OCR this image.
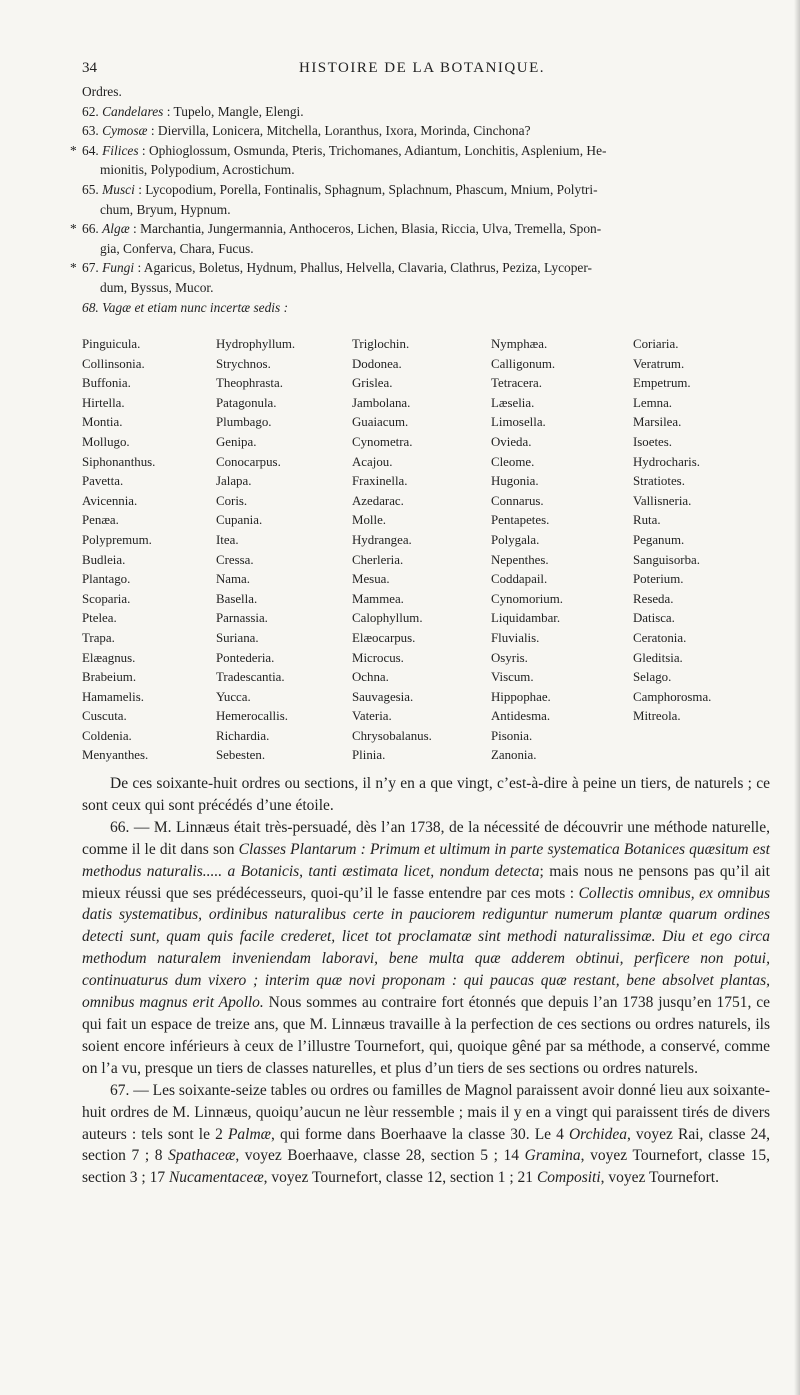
34	HISTOIRE DE LA BOTANIQUE.

Ordres.

62. Candelares : Tupelo, Mangle, Elengi.

63. Cymosæ : Diervilla, Lonicera, Mitchella, Loranthus, Ixora, Morinda, Cinchona?

* 64. Filices : Ophioglossum, Osmunda, Pteris, Trichomanes, Adiantum, Lonchitis, Asplenium, He-

mionitis, Polypodium, Acrostichum.

65. Musci : Lycopodium, Porella, Fontinalis, Sphagnum, Splachnum, Phascum, Mnium, Polytri-

chum, Bryum, Hypnum.

* 66. Algæ : Marchantia, Jungermannia, Anthoceros, Lichen, Blasia, Riccia, Ulva, Tremella, Spon-

gia, Conferva, Chara, Fucus.

* 67. Fungi : Agaricus, Boletus, Hydnum, Phallus, Helvella, Clavaria, Clathrus, Peziza, Lycoper-

dum, Byssus, Mucor.

68. Vagæ et etiam nunc incertæ sedis :

Pinguicula.	Hydrophyllum.	Triglochin.	Nymphæa.	Coriaria.
Collinsonia.	Strychnos.	Dodonea.	Calligonum.	Veratrum.
Buffonia.	Theophrasta.	Grislea.	Tetracera.	Empetrum.
Hirtella.	Patagonula.	Jambolana.	Læselia.	Lemna.
Montia.	Plumbago.	Guaiacum.	Limosella.	Marsilea.
Mollugo.	Genipa.	Cynometra.	Ovieda.	Isoetes.
Siphonanthus.	Conocarpus.	Acajou.	Cleome.	Hydrocharis.
Pavetta.	Jalapa.	Fraxinella.	Hugonia.	Stratiotes.
Avicennia.	Coris.	Azedarac.	Connarus.	Vallisneria.
Penæa.	Cupania.	Molle.	Pentapetes.	Ruta.
Polypremum.	Itea.	Hydrangea.	Polygala.	Peganum.
Budleia.	Cressa.	Cherleria.	Nepenthes.	Sanguisorba.
Plantago.	Nama.	Mesua.	Coddapail.	Poterium.
Scoparia.	Basella.	Mammea.	Cynomorium.	Reseda.
Ptelea.	Parnassia.	Calophyllum.	Liquidambar.	Datisca.
Trapa.	Suriana.	Elæocarpus.	Fluvialis.	Ceratonia.
Elæagnus.	Pontederia.	Microcus.	Osyris.	Gleditsia.
Brabeium.	Tradescantia.	Ochna.	Viscum.	Selago.
Hamamelis.	Yucca.	Sauvagesia.	Hippophae.	Camphorosma.
Cuscuta.	Hemerocallis.	Vateria.	Antidesma.	Mitreola.
Coldenia.	Richardia.	Chrysobalanus.	Pisonia.	
Menyanthes.	Sebesten.	Plinia.	Zanonia.	

De ces soixante-huit ordres ou sections, il n’y en a que vingt, c’est-à-dire à peine un tiers, de naturels ; ce sont ceux qui sont précédés d’une étoile.

66. — M. Linnæus était très-persuadé, dès l’an 1738, de la nécessité de découvrir une méthode naturelle, comme il le dit dans son Classes Plantarum : Primum et ultimum in parte systematica Botanices quæsitum est methodus naturalis..... a Botanicis, tanti æstimata licet, nondum detecta; mais nous ne pensons pas qu’il ait mieux réussi que ses prédécesseurs, quoi-qu’il le fasse entendre par ces mots : Collectis omnibus, ex omnibus datis systematibus, ordinibus naturalibus certe in pauciorem rediguntur numerum plantæ quarum ordines detecti sunt, quam quis facile crederet, licet tot proclamatæ sint methodi naturalissimæ. Diu et ego circa methodum naturalem inveniendam laboravi, bene multa quæ adderem obtinui, perficere non potui, continuaturus dum vixero ; interim quæ novi proponam : qui paucas quæ restant, bene absolvet plantas, omnibus magnus erit Apollo. Nous sommes au contraire fort étonnés que depuis l’an 1738 jusqu’en 1751, ce qui fait un espace de treize ans, que M. Linnæus travaille à la perfection de ces sections ou ordres naturels, ils soient encore inférieurs à ceux de l’illustre Tournefort, qui, quoique gêné par sa méthode, a conservé, comme on l’a vu, presque un tiers de classes naturelles, et plus d’un tiers de ses sections ou ordres naturels.

67. — Les soixante-seize tables ou ordres ou familles de Magnol paraissent avoir donné lieu aux soixante-huit ordres de M. Linnæus, quoiqu’aucun ne lèur ressemble ; mais il y en a vingt qui paraissent tirés de divers auteurs : tels sont le 2 Palmæ, qui forme dans Boerhaave la classe 30. Le 4 Orchidea, voyez Rai, classe 24, section 7 ; 8 Spathaceæ, voyez Boerhaave, classe 28, section 5 ; 14 Gramina, voyez Tournefort, classe 15, section 3 ; 17 Nucamentaceæ, voyez Tournefort, classe 12, section 1 ; 21 Compositi, voyez Tournefort.
